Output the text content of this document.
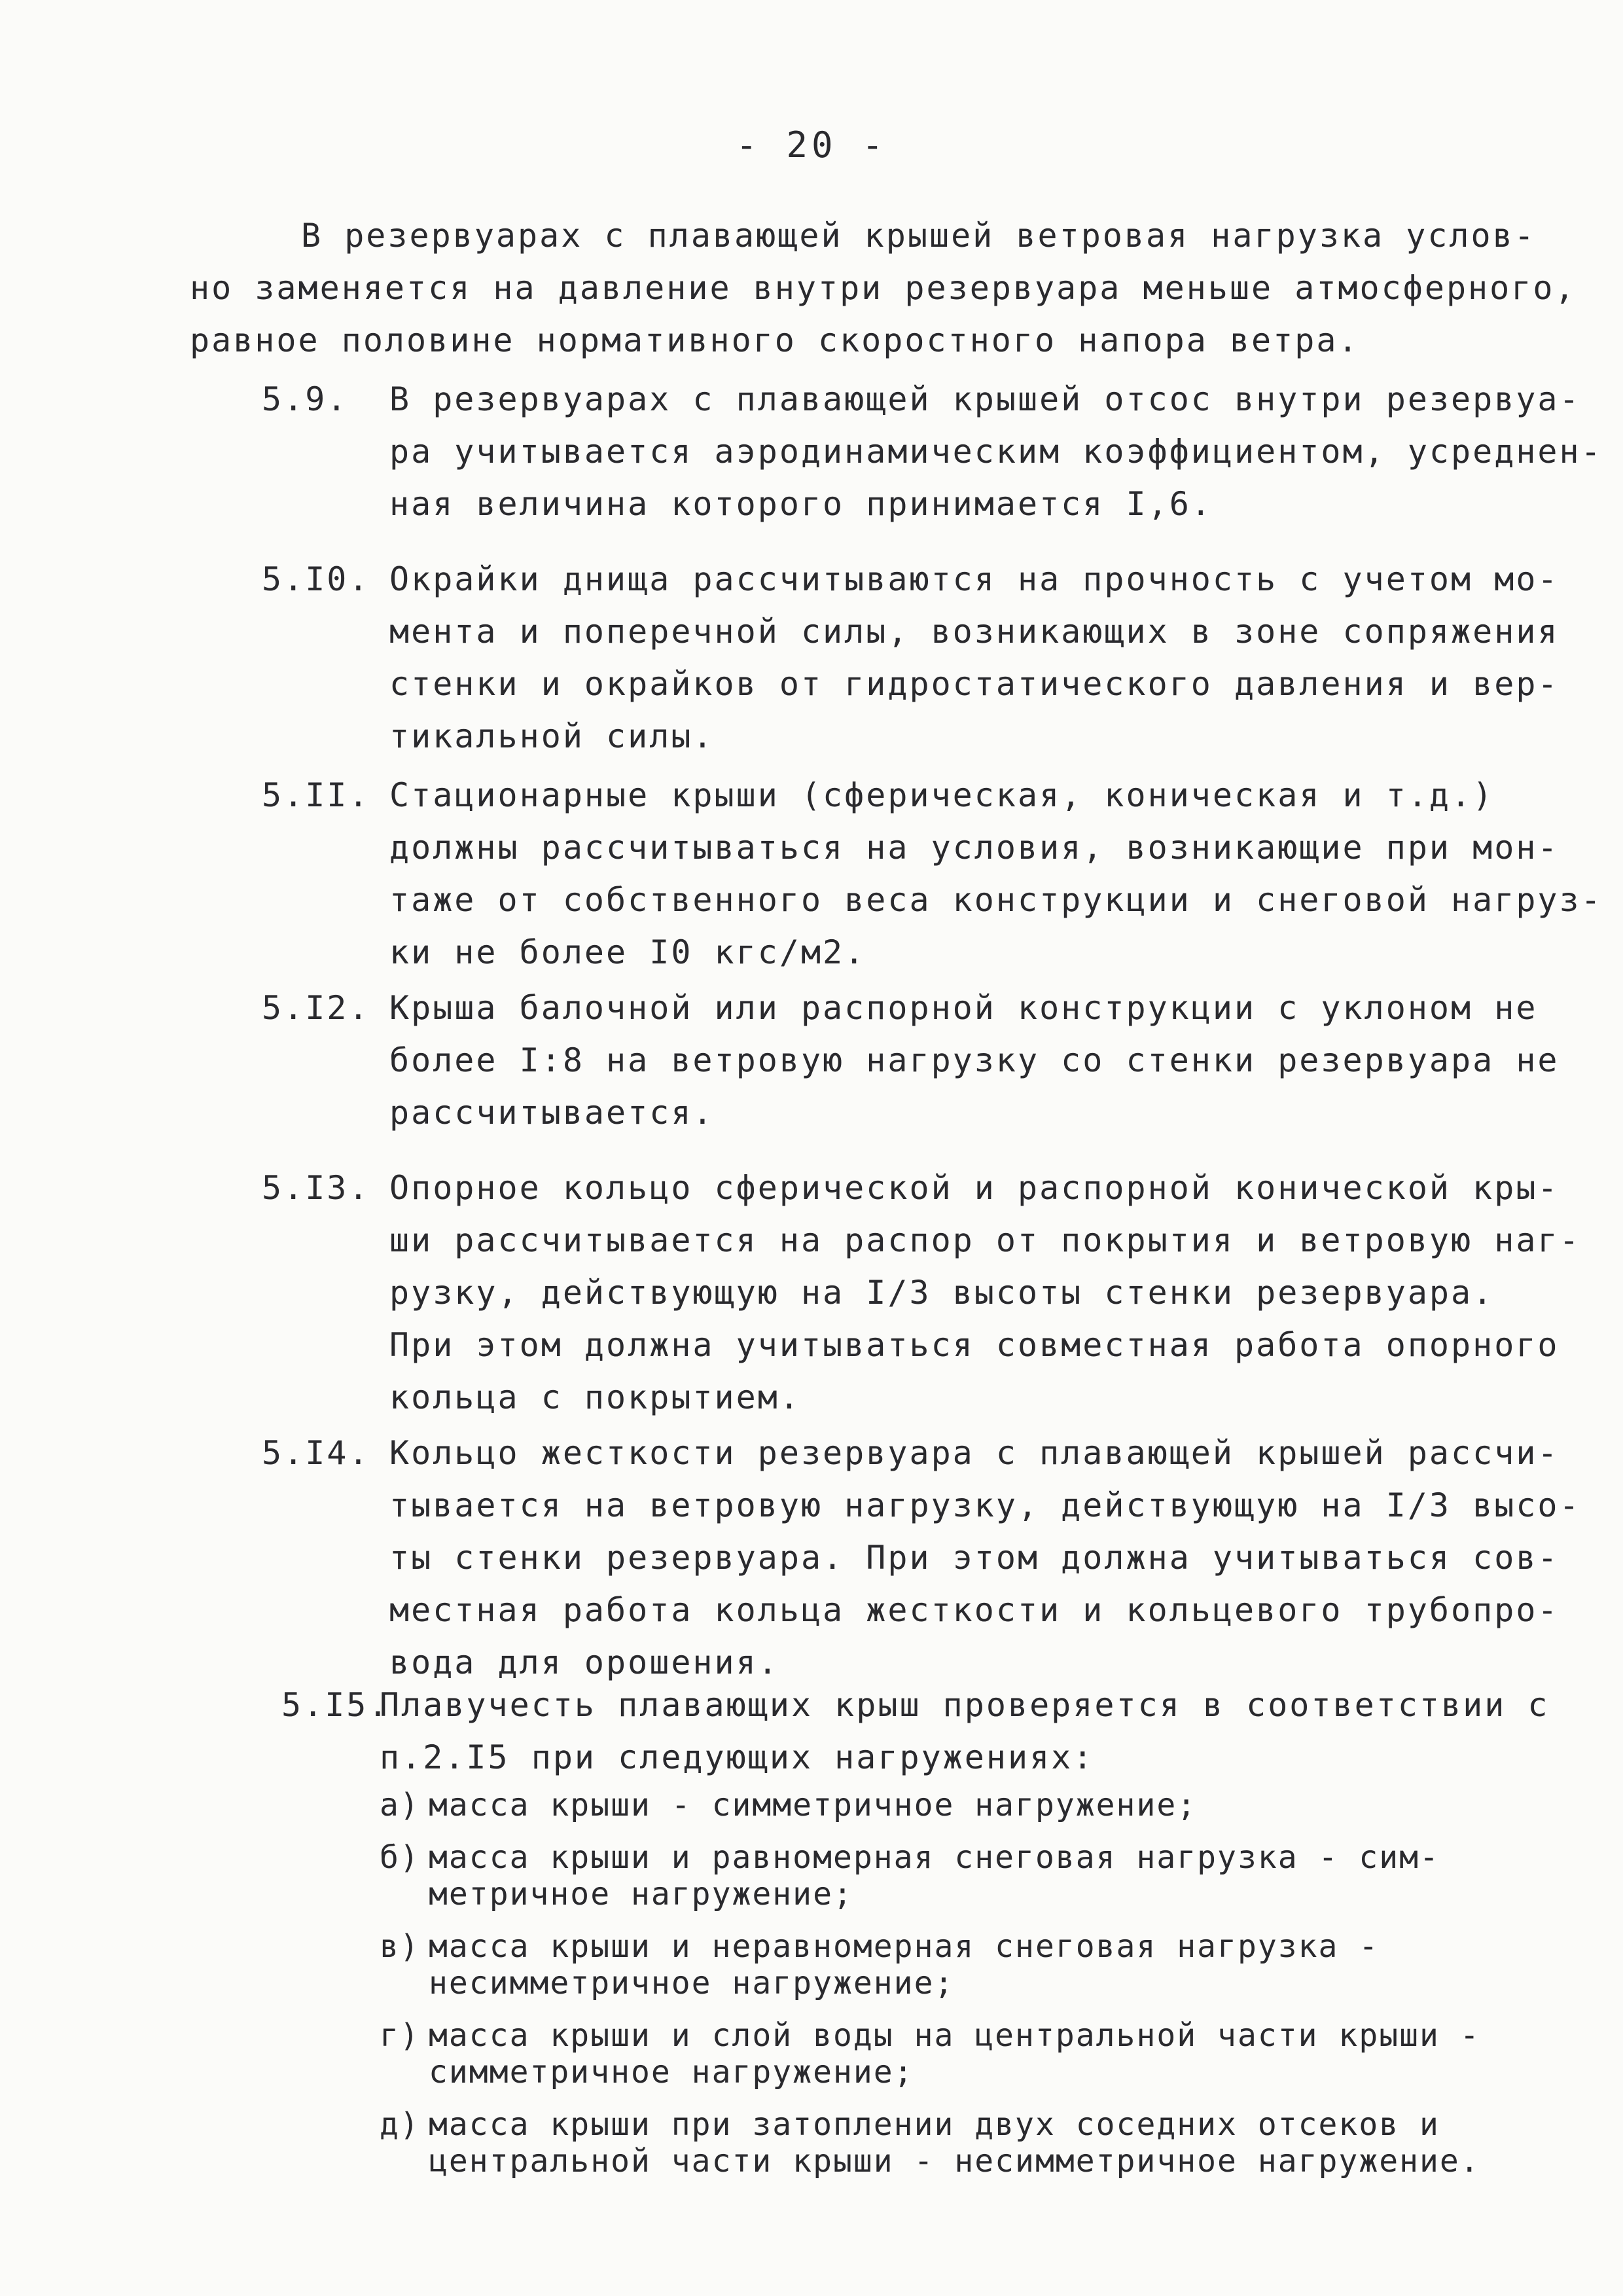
- 20 -
В резервуарах с плавающей крышей ветровая нагрузка услов-
но заменяется на давление внутри резервуара меньше атмосферного,
равное половине нормативного скоростного напора ветра.
5.9. В резервуарах с плавающей крышей отсос внутри резервуа-
ра учитывается аэродинамическим коэффициентом, усреднен-
ная величина которого принимается I,6.
5.I0. Окрайки днища рассчитываются на прочность с учетом мо-
мента и поперечной силы, возникающих в зоне сопряжения
стенки и окрайков от гидростатического давления и вер-
тикальной силы.
5.II. Стационарные крыши (сферическая, коническая и т.д.)
должны рассчитываться на условия, возникающие при мон-
таже от собственного веса конструкции и снеговой нагруз-
ки не более I0 кгс/м2.
5.I2. Крыша балочной или распорной конструкции с уклоном не
более I:8 на ветровую нагрузку со стенки резервуара не
рассчитывается.
5.I3. Опорное кольцо сферической и распорной конической кры-
ши рассчитывается на распор от покрытия и ветровую наг-
рузку, действующую на I/3 высоты стенки резервуара.
При этом должна учитываться совместная работа опорного
кольца с покрытием.
5.I4. Кольцо жесткости резервуара с плавающей крышей рассчи-
тывается на ветровую нагрузку, действующую на I/3 высо-
ты стенки резервуара. При этом должна учитываться сов-
местная работа кольца жесткости и кольцевого трубопро-
вода для орошения.
5.I5.
Плавучесть плавающих крыш проверяется в соответствии с
п.2.I5 при следующих нагружениях:
а) масса крыши - симметричное нагружение;
б) масса крыши и равномерная снеговая нагрузка - сим-
метричное нагружение;
в) масса крыши и неравномерная снеговая нагрузка -
несимметричное нагружение;
г) масса крыши и слой воды на центральной части крыши -
симметричное нагружение;
д) масса крыши при затоплении двух соседних отсеков и
центральной части крыши - несимметричное нагружение.
